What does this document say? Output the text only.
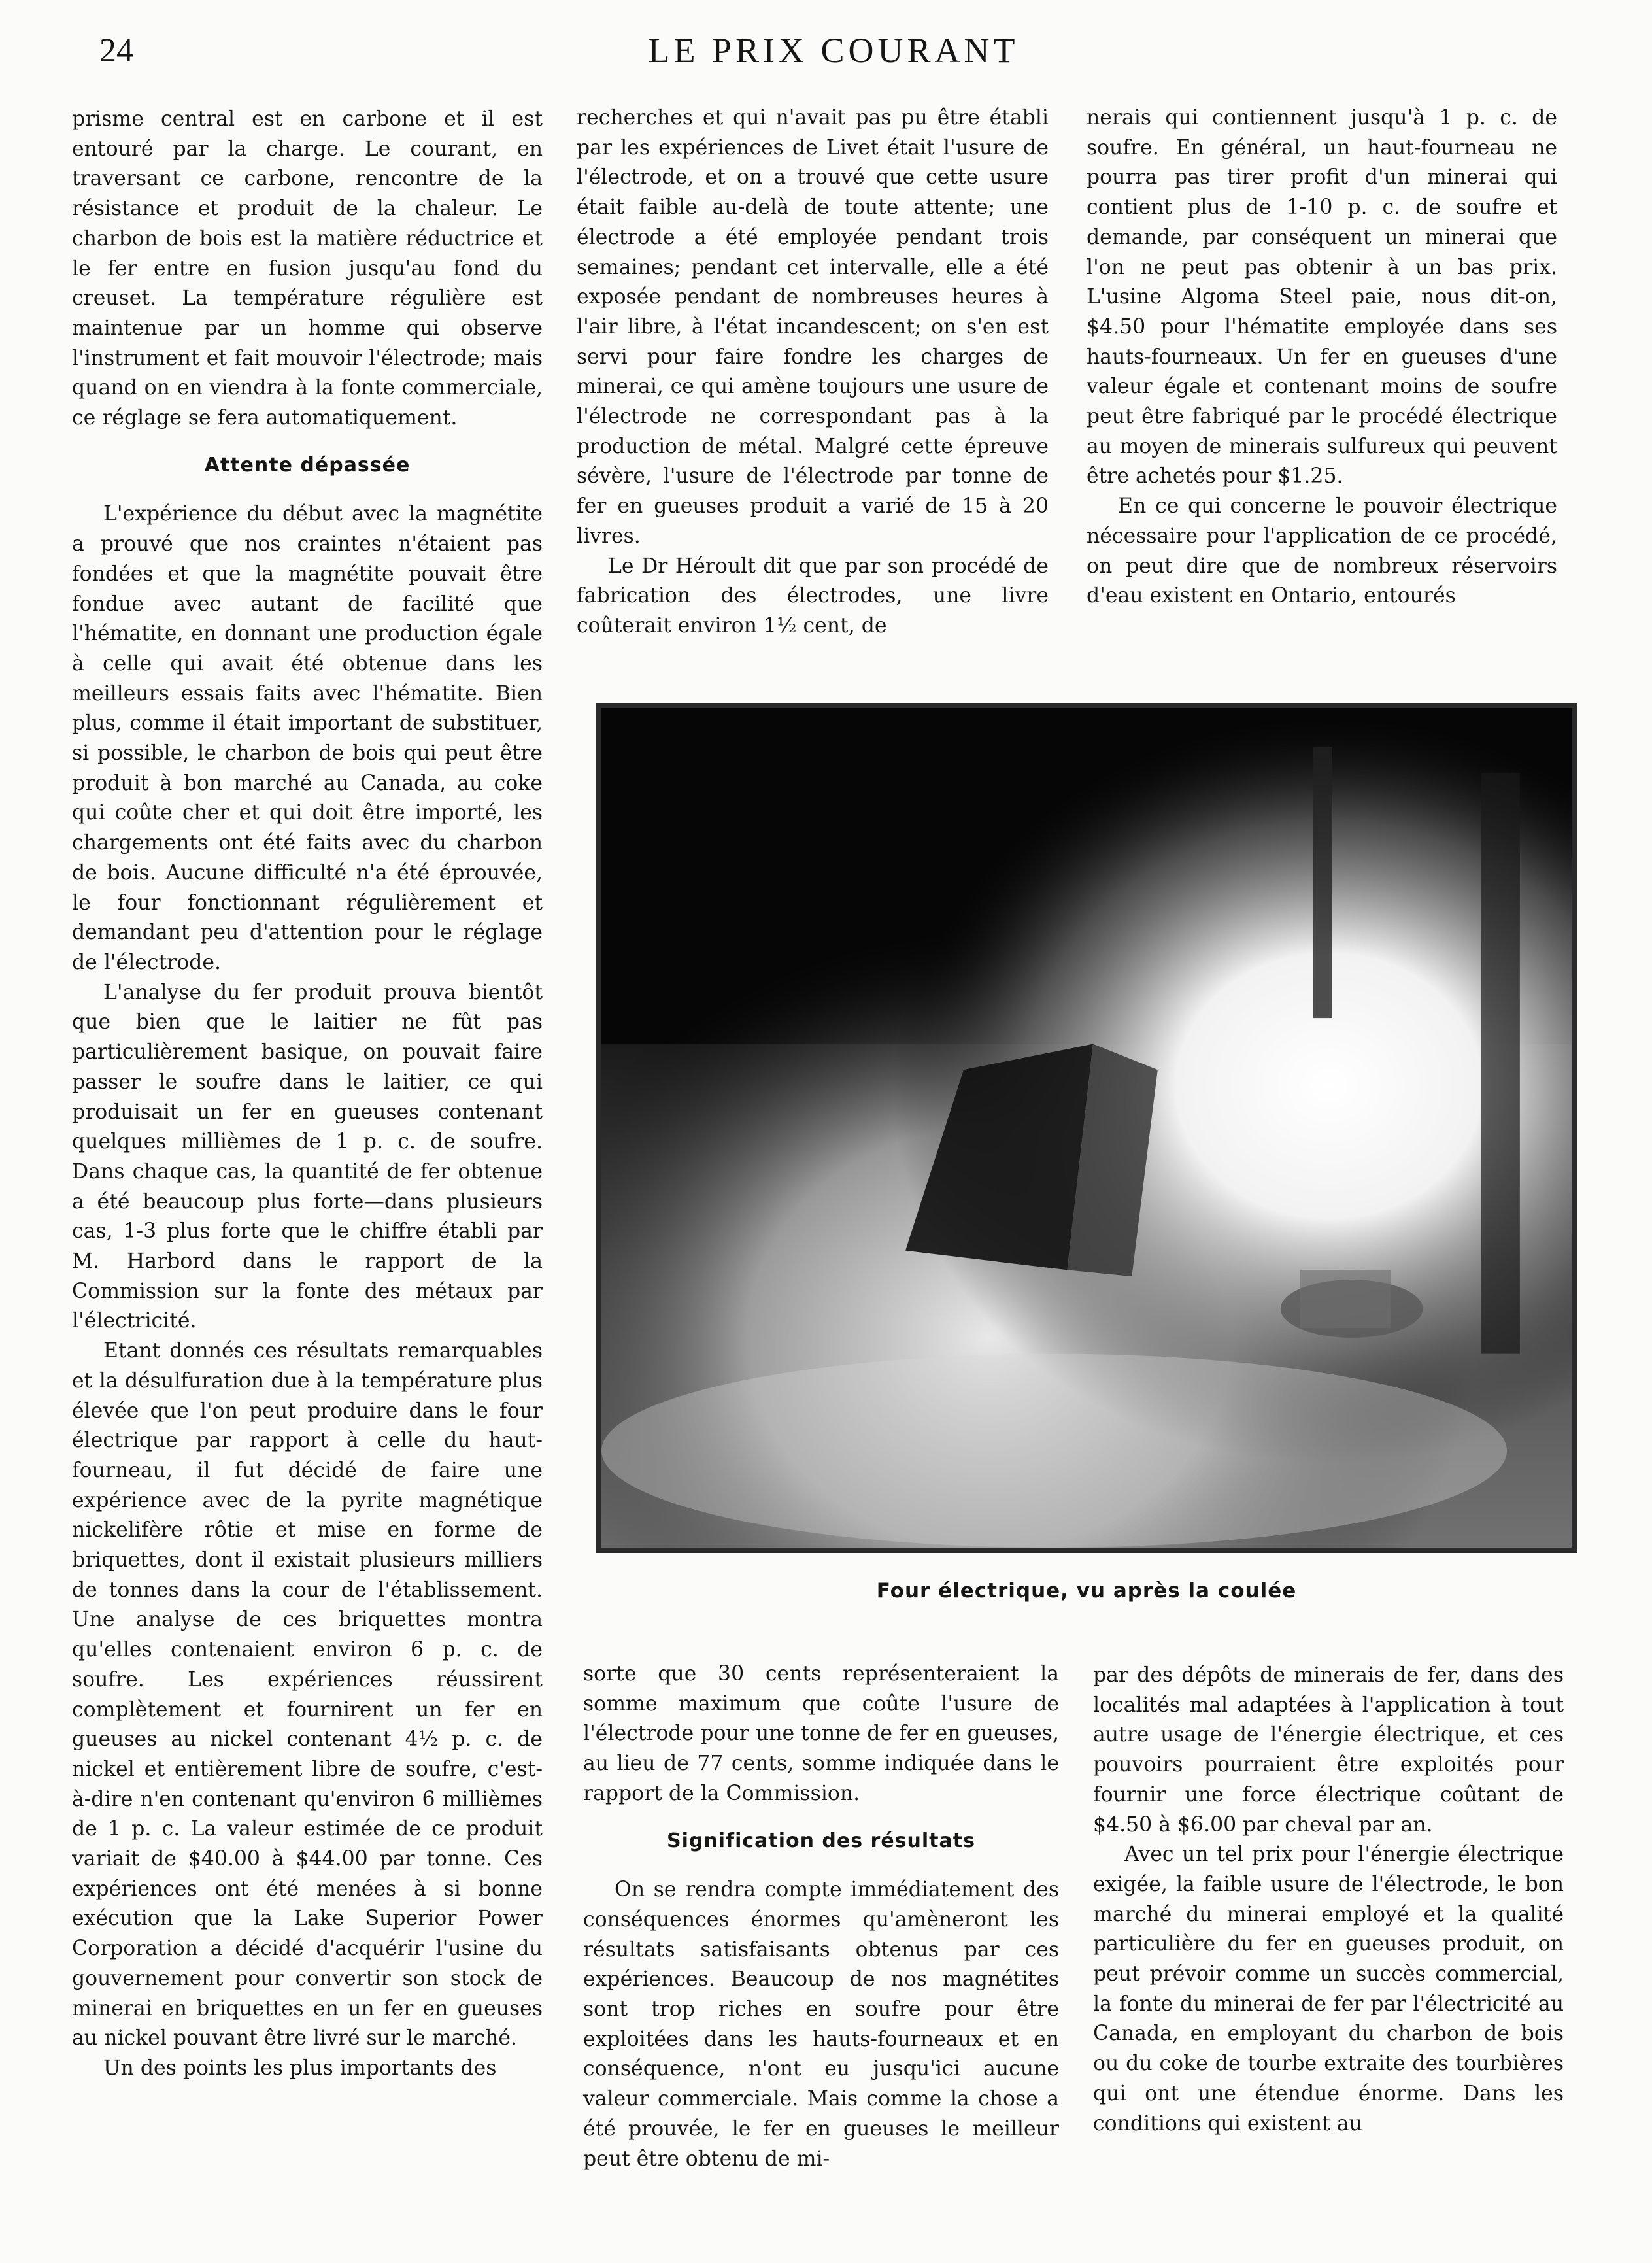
24	LE PRIX COURANT

prisme central est en carbone et il est entouré par la charge. Le courant, en traversant ce carbone, rencontre de la résistance et produit de la chaleur. Le charbon de bois est la matière réductrice et le fer entre en fusion jusqu'au fond du creuset. La température régulière est maintenue par un homme qui observe l'instrument et fait mouvoir l'électrode; mais quand on en viendra à la fonte commerciale, ce réglage se fera automatiquement.

Attente dépassée

L'expérience du début avec la magnétite a prouvé que nos craintes n'étaient pas fondées et que la magnétite pouvait être fondue avec autant de facilité que l'hématite, en donnant une production égale à celle qui avait été obtenue dans les meilleurs essais faits avec l'hématite. Bien plus, comme il était important de substituer, si possible, le charbon de bois qui peut être produit à bon marché au Canada, au coke qui coûte cher et qui doit être importé, les chargements ont été faits avec du charbon de bois. Aucune difficulté n'a été éprouvée, le four fonctionnant régulièrement et demandant peu d'attention pour le réglage de l'électrode.

L'analyse du fer produit prouva bientôt que bien que le laitier ne fût pas particulièrement basique, on pouvait faire passer le soufre dans le laitier, ce qui produisait un fer en gueuses contenant quelques millièmes de 1 p. c. de soufre. Dans chaque cas, la quantité de fer obtenue a été beaucoup plus forte—dans plusieurs cas, 1-3 plus forte que le chiffre établi par M. Harbord dans le rapport de la Commission sur la fonte des métaux par l'électricité.

Etant donnés ces résultats remarquables et la désulfuration due à la température plus élevée que l'on peut produire dans le four électrique par rapport à celle du haut-fourneau, il fut décidé de faire une expérience avec de la pyrite magnétique nickelifère rôtie et mise en forme de briquettes, dont il existait plusieurs milliers de tonnes dans la cour de l'établissement. Une analyse de ces briquettes montra qu'elles contenaient environ 6 p. c. de soufre. Les expériences réussirent complètement et fournirent un fer en gueuses au nickel contenant 4½ p. c. de nickel et entièrement libre de soufre, c'est-à-dire n'en contenant qu'environ 6 millièmes de 1 p. c. La valeur estimée de ce produit variait de $40.00 à $44.00 par tonne. Ces expériences ont été menées à si bonne exécution que la Lake Superior Power Corporation a décidé d'acquérir l'usine du gouvernement pour convertir son stock de minerai en briquettes en un fer en gueuses au nickel pouvant être livré sur le marché.

Un des points les plus importants des

recherches et qui n'avait pas pu être établi par les expériences de Livet était l'usure de l'électrode, et on a trouvé que cette usure était faible au-delà de toute attente; une électrode a été employée pendant trois semaines; pendant cet intervalle, elle a été exposée pendant de nombreuses heures à l'air libre, à l'état incandescent; on s'en est servi pour faire fondre les charges de minerai, ce qui amène toujours une usure de l'électrode ne correspondant pas à la production de métal. Malgré cette épreuve sévère, l'usure de l'électrode par tonne de fer en gueuses produit a varié de 15 à 20 livres.

Le Dr Héroult dit que par son procédé de fabrication des électrodes, une livre coûterait environ 1½ cent, de

nerais qui contiennent jusqu'à 1 p. c. de soufre. En général, un haut-fourneau ne pourra pas tirer profit d'un minerai qui contient plus de 1-10 p. c. de soufre et demande, par conséquent un minerai que l'on ne peut pas obtenir à un bas prix. L'usine Algoma Steel paie, nous dit-on, $4.50 pour l'hématite employée dans ses hauts-fourneaux. Un fer en gueuses d'une valeur égale et contenant moins de soufre peut être fabriqué par le procédé électrique au moyen de minerais sulfureux qui peuvent être achetés pour $1.25.

En ce qui concerne le pouvoir électrique nécessaire pour l'application de ce procédé, on peut dire que de nombreux réservoirs d'eau existent en Ontario, entourés

Four électrique, vu après la coulée

sorte que 30 cents représenteraient la somme maximum que coûte l'usure de l'électrode pour une tonne de fer en gueuses, au lieu de 77 cents, somme indiquée dans le rapport de la Commission.

Signification des résultats

On se rendra compte immédiatement des conséquences énormes qu'amèneront les résultats satisfaisants obtenus par ces expériences. Beaucoup de nos magnétites sont trop riches en soufre pour être exploitées dans les hauts-fourneaux et en conséquence, n'ont eu jusqu'ici aucune valeur commerciale. Mais comme la chose a été prouvée, le fer en gueuses le meilleur peut être obtenu de mi-

par des dépôts de minerais de fer, dans des localités mal adaptées à l'application à tout autre usage de l'énergie électrique, et ces pouvoirs pourraient être exploités pour fournir une force électrique coûtant de $4.50 à $6.00 par cheval par an.

Avec un tel prix pour l'énergie électrique exigée, la faible usure de l'électrode, le bon marché du minerai employé et la qualité particulière du fer en gueuses produit, on peut prévoir comme un succès commercial, la fonte du minerai de fer par l'électricité au Canada, en employant du charbon de bois ou du coke de tourbe extraite des tourbières qui ont une étendue énorme. Dans les conditions qui existent au
